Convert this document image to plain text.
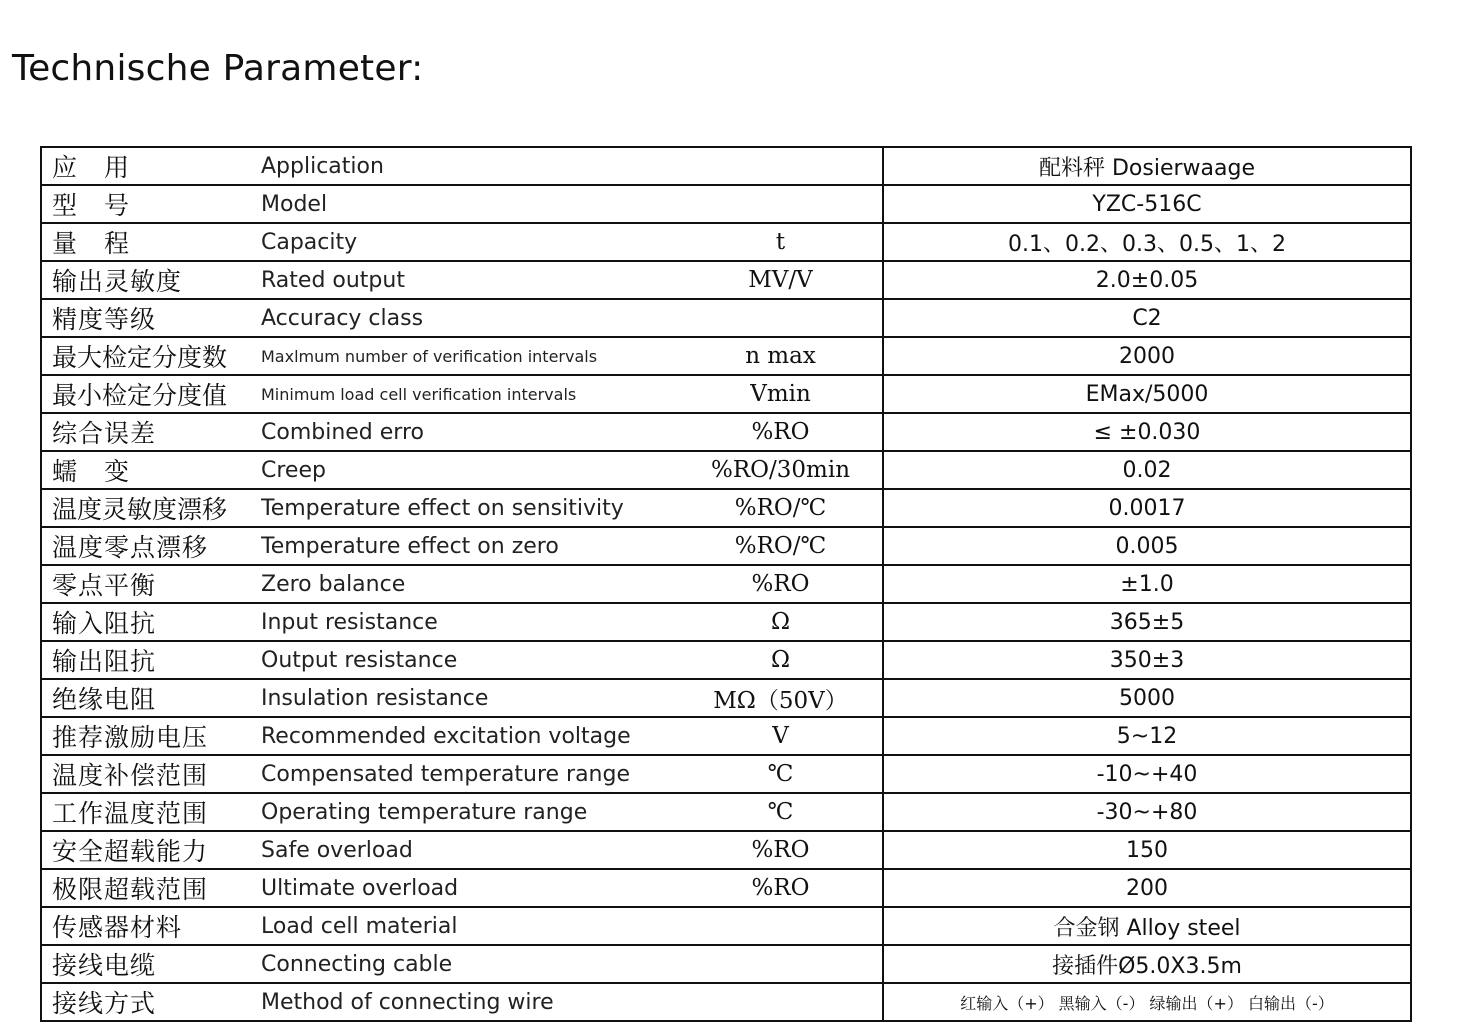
Technische Parameter:
应　用	Application		配料秤 Dosierwaage
型　号	Model		YZC-516C
量　程	Capacity	t	0.1、0.2、0.3、0.5、1、2
输出灵敏度	Rated output	MV/V	2.0±0.05
精度等级	Accuracy class		C2
最大检定分度数	Maxlmum number of verification intervals	n max	2000
最小检定分度值	Minimum load cell verification intervals	Vmin	EMax/5000
综合误差	Combined erro	%RO	≤ ±0.030
蠕　变	Creep	%RO/30min	0.02
温度灵敏度漂移	Temperature effect on sensitivity	%RO/℃	0.0017
温度零点漂移	Temperature effect on zero	%RO/℃	0.005
零点平衡	Zero balance	%RO	±1.0
输入阻抗	Input resistance	Ω	365±5
输出阻抗	Output resistance	Ω	350±3
绝缘电阻	Insulation resistance	MΩ（50V）	5000
推荐激励电压	Recommended excitation voltage	V	5~12
温度补偿范围	Compensated temperature range	℃	-10~+40
工作温度范围	Operating temperature range	℃	-30~+80
安全超载能力	Safe overload	%RO	150
极限超载范围	Ultimate overload	%RO	200
传感器材料	Load cell material		合金钢 Alloy steel
接线电缆	Connecting cable		接插件Ø5.0X3.5m
接线方式	Method of connecting wire		红输入（+） 黑输入（-） 绿输出（+） 白输出（-）
